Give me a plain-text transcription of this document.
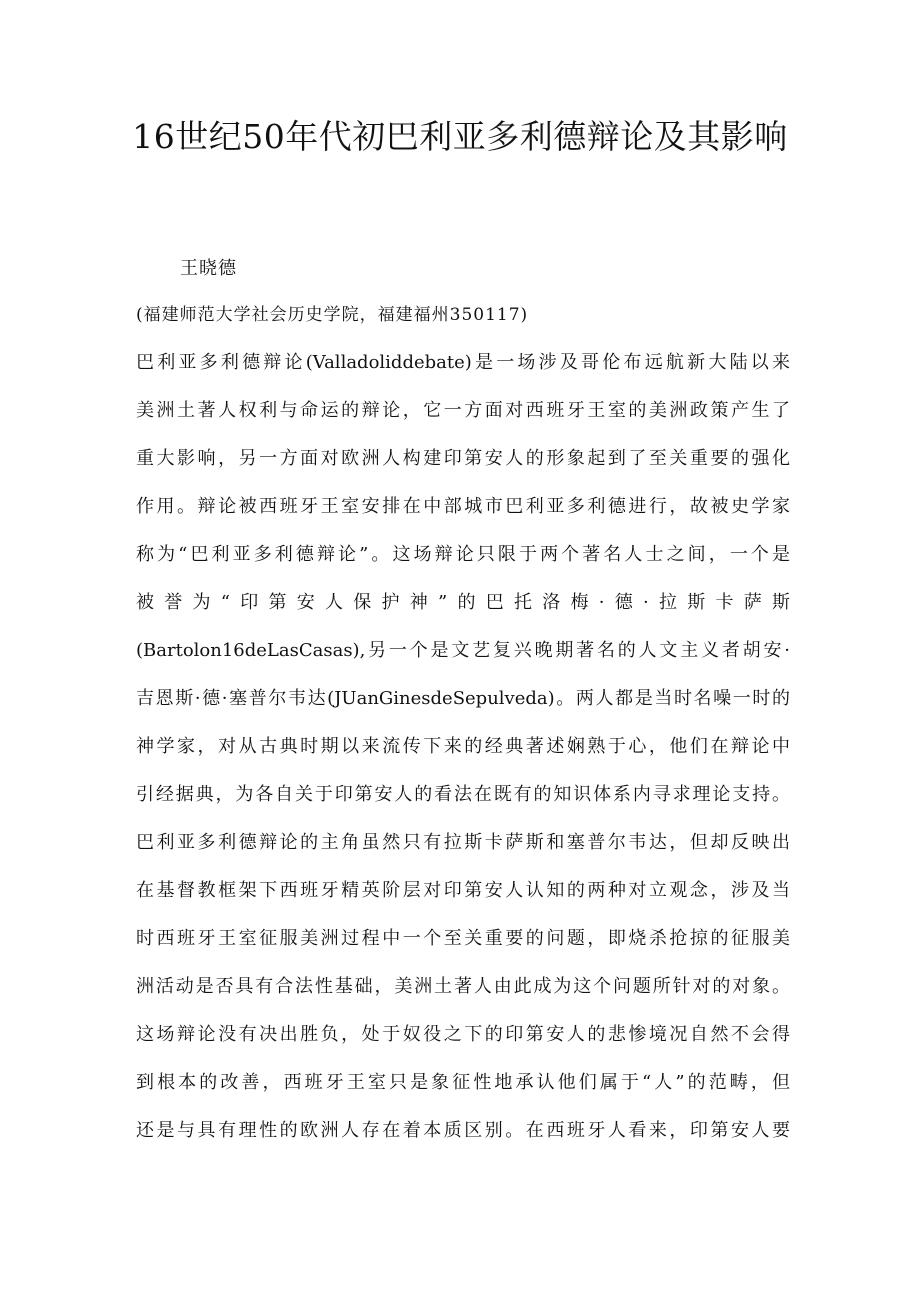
16世纪50年代初巴利亚多利德辩论及其影响
王晓德
(福建师范大学社会历史学院，福建福州350117)
巴利亚多利德辩论(Valladoliddebate)是一场涉及哥伦布远航新大陆以来
美洲土著人权利与命运的辩论，它一方面对西班牙王室的美洲政策产生了
重大影响，另一方面对欧洲人构建印第安人的形象起到了至关重要的强化
作用。辩论被西班牙王室安排在中部城市巴利亚多利德进行，故被史学家
称为“巴利亚多利德辩论”。这场辩论只限于两个著名人士之间，一个是
被誉为“印第安人保护神”的巴托洛梅·德·拉斯卡萨斯
(Bartolon16deLasCasas),另一个是文艺复兴晚期著名的人文主义者胡安·
吉恩斯·德·塞普尔韦达(JUanGinesdeSepulveda)。两人都是当时名噪一时的
神学家，对从古典时期以来流传下来的经典著述娴熟于心，他们在辩论中
引经据典，为各自关于印第安人的看法在既有的知识体系内寻求理论支持。
巴利亚多利德辩论的主角虽然只有拉斯卡萨斯和塞普尔韦达，但却反映出
在基督教框架下西班牙精英阶层对印第安人认知的两种对立观念，涉及当
时西班牙王室征服美洲过程中一个至关重要的问题，即烧杀抢掠的征服美
洲活动是否具有合法性基础，美洲土著人由此成为这个问题所针对的对象。
这场辩论没有决出胜负，处于奴役之下的印第安人的悲惨境况自然不会得
到根本的改善，西班牙王室只是象征性地承认他们属于“人”的范畴，但
还是与具有理性的欧洲人存在着本质区别。在西班牙人看来，印第安人要
